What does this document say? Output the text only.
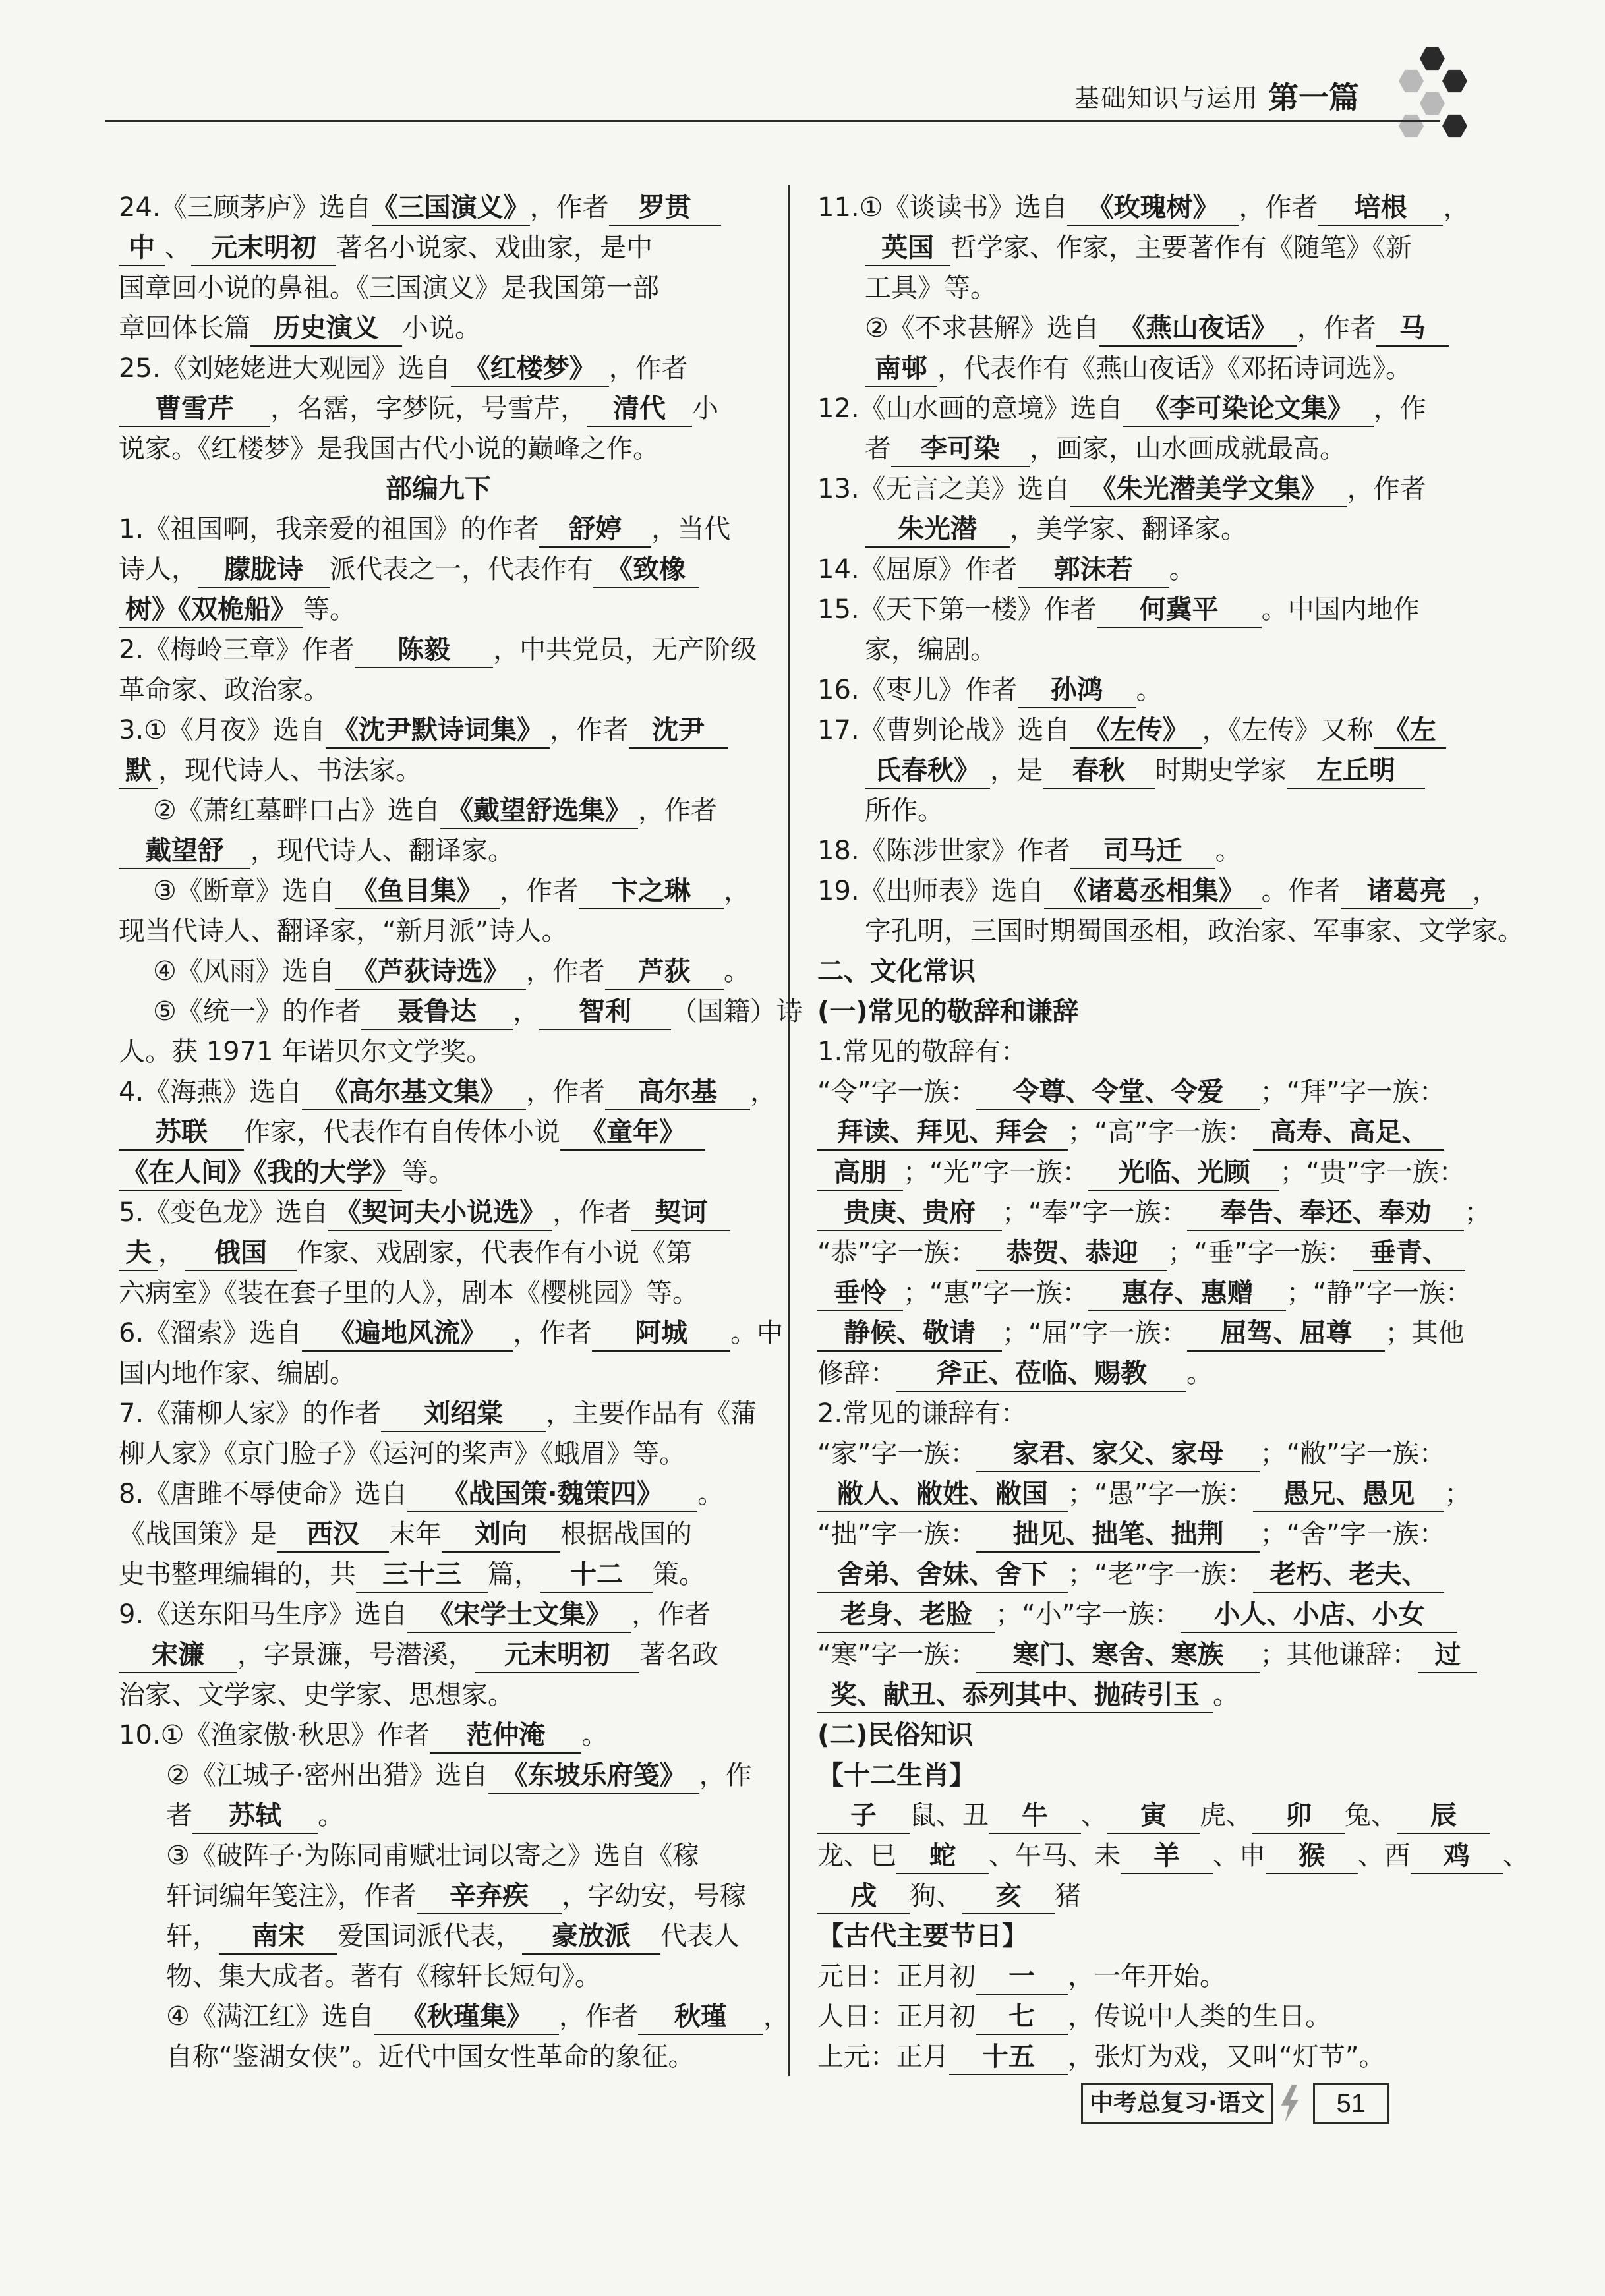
基础知识与运用 第一篇
24.《三顾茅庐》选自《三国演义》，作者 罗贯
中 、 元末明初 著名小说家、戏曲家，是中
国章回小说的鼻祖。《三国演义》是我国第一部
章回体长篇 历史演义 小说。
25.《刘姥姥进大观园》选自 《红楼梦》 ，作者
曹雪芹 ，名霑，字梦阮，号雪芹， 清代 小
说家。《红楼梦》是我国古代小说的巅峰之作。
部编九下
1.《祖国啊，我亲爱的祖国》的作者 舒婷 ，当代
诗人， 朦胧诗 派代表之一，代表作有 《致橡
树》《双桅船》 等。
2.《梅岭三章》作者 陈毅 ，中共党员，无产阶级
革命家、政治家。
3.①《月夜》选自 《沈尹默诗词集》 ，作者 沈尹
默 ，现代诗人、书法家。
②《萧红墓畔口占》选自 《戴望舒选集》 ，作者
戴望舒 ，现代诗人、翻译家。
③《断章》选自 《鱼目集》 ，作者 卞之琳 ，
现当代诗人、翻译家，“新月派”诗人。
④《风雨》选自 《芦荻诗选》 ，作者 芦荻 。
⑤《统一》的作者 聂鲁达 ， 智利 （国籍）诗
人。获 1971 年诺贝尔文学奖。
4.《海燕》选自 《高尔基文集》 ，作者 高尔基 ，
苏联 作家，代表作有自传体小说 《童年》
《在人间》《我的大学》 等。
5.《变色龙》选自 《契诃夫小说选》 ，作者 契诃
夫 ， 俄国 作家、戏剧家，代表作有小说《第
六病室》《装在套子里的人》，剧本《樱桃园》等。
6.《溜索》选自 《遍地风流》 ，作者 阿城 。中
国内地作家、编剧。
7.《蒲柳人家》的作者 刘绍棠 ，主要作品有《蒲
柳人家》《京门脸子》《运河的桨声》《蛾眉》等。
8.《唐雎不辱使命》选自 《战国策·魏策四》 。
《战国策》是 西汉 末年 刘向 根据战国的
史书整理编辑的，共 三十三 篇， 十二 策。
9.《送东阳马生序》选自 《宋学士文集》 ，作者
宋濂 ，字景濂，号潜溪， 元末明初 著名政
治家、文学家、史学家、思想家。
10.①《渔家傲·秋思》作者 范仲淹 。
②《江城子·密州出猎》选自 《东坡乐府笺》 ，作
者 苏轼 。
③《破阵子·为陈同甫赋壮词以寄之》选自《稼
轩词编年笺注》，作者 辛弃疾 ，字幼安，号稼
轩， 南宋 爱国词派代表， 豪放派 代表人
物、集大成者。著有《稼轩长短句》。
④《满江红》选自 《秋瑾集》 ，作者 秋瑾 ，
自称“鉴湖女侠”。近代中国女性革命的象征。
11.①《谈读书》选自 《玫瑰树》 ，作者 培根 ，
英国 哲学家、作家，主要著作有《随笔》《新
工具》等。
②《不求甚解》选自 《燕山夜话》 ，作者 马
南邨 ，代表作有《燕山夜话》《邓拓诗词选》。
12.《山水画的意境》选自 《李可染论文集》 ，作
者 李可染 ，画家，山水画成就最高。
13.《无言之美》选自 《朱光潜美学文集》 ，作者
朱光潜 ，美学家、翻译家。
14.《屈原》作者 郭沫若 。
15.《天下第一楼》作者 何冀平 。中国内地作
家，编剧。
16.《枣儿》作者 孙鸿 。
17.《曹刿论战》选自 《左传》 ，《左传》又称 《左
氏春秋》 ，是 春秋 时期史学家 左丘明
所作。
18.《陈涉世家》作者 司马迁 。
19.《出师表》选自 《诸葛丞相集》 。作者 诸葛亮 ，
字孔明，三国时期蜀国丞相，政治家、军事家、文学家。
二、文化常识
(一)常见的敬辞和谦辞
1.常见的敬辞有：
“令”字一族： 令尊、令堂、令爱 ；“拜”字一族：
拜读、拜见、拜会 ；“高”字一族： 高寿、高足、
高朋 ；“光”字一族： 光临、光顾 ；“贵”字一族：
贵庚、贵府 ；“奉”字一族： 奉告、奉还、奉劝 ；
“恭”字一族： 恭贺、恭迎 ；“垂”字一族： 垂青、
垂怜 ；“惠”字一族： 惠存、惠赠 ；“静”字一族：
静候、敬请 ；“屈”字一族： 屈驾、屈尊 ；其他
修辞： 斧正、莅临、赐教 。
2.常见的谦辞有：
“家”字一族： 家君、家父、家母 ；“敝”字一族：
敝人、敝姓、敝国 ；“愚”字一族： 愚兄、愚见 ；
“拙”字一族： 拙见、拙笔、拙荆 ；“舍”字一族：
舍弟、舍妹、舍下 ；“老”字一族： 老朽、老夫、
老身、老脸 ；“小”字一族： 小人、小店、小女
“寒”字一族： 寒门、寒舍、寒族 ；其他谦辞： 过
奖、献丑、忝列其中、抛砖引玉 。
(二)民俗知识
【十二生肖】
子 鼠、丑 牛 、 寅 虎、 卯 兔、 辰
龙、巳 蛇 、午马、未 羊 、申 猴 、酉 鸡 、
戌 狗、 亥 猪
【古代主要节日】
元日：正月初 一 ，一年开始。
人日：正月初 七 ，传说中人类的生日。
上元：正月 十五 ，张灯为戏，又叫“灯节”。
中考总复习·语文	51
